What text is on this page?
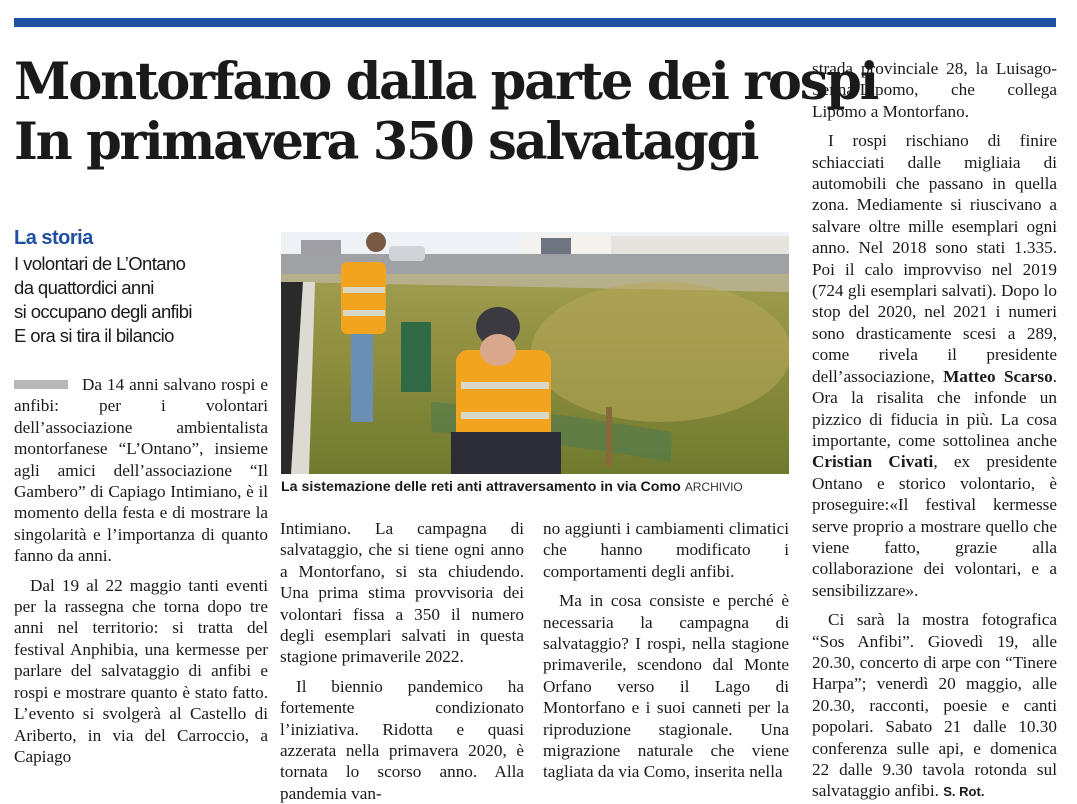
Montorfano dalla parte dei rospi
In primavera 350 salvataggi
La storia
I volontari de L’Ontano
da quattordici anni
si occupano degli anfibi
E ora si tira il bilancio

Da 14 anni salvano rospi e anfibi: per i volontari dell’associazione ambientalista montorfanese “L’Ontano”, insieme agli amici dell’associazione “Il Gambero” di Capiago Intimiano, è il momento della festa e di mostrare la singolarità e l’importanza di quanto fanno da anni.

Dal 19 al 22 maggio tanti eventi per la rassegna che torna dopo tre anni nel territorio: si tratta del festival Anphibia, una kermesse per parlare del salvataggio di anfibi e rospi e mostrare quanto è stato fatto. L’evento si svolgerà al Castello di Ariberto, in via del Carroccio, a Capiago

La sistemazione delle reti anti attraversamento in via Como ARCHIVIO

Intimiano. La campagna di salvataggio, che si tiene ogni anno a Montorfano, si sta chiudendo. Una prima stima provvisoria dei volontari fissa a 350 il numero degli esemplari salvati in questa stagione primaverile 2022.

Il biennio pandemico ha fortemente condizionato l’iniziativa. Ridotta e quasi azzerata nella primavera 2020, è tornata lo scorso anno. Alla pandemia van-

no aggiunti i cambiamenti climatici che hanno modificato i comportamenti degli anfibi.

Ma in cosa consiste e perché è necessaria la campagna di salvataggio? I rospi, nella stagione primaverile, scendono dal Monte Orfano verso il Lago di Montorfano e i suoi canneti per la riproduzione stagionale. Una migrazione naturale che viene tagliata da via Como, inserita nella

strada provinciale 28, la Luisago-Senna-Lipomo, che collega Lipomo a Montorfano.

I rospi rischiano di finire schiacciati dalle migliaia di automobili che passano in quella zona. Mediamente si riuscivano a salvare oltre mille esemplari ogni anno. Nel 2018 sono stati 1.335. Poi il calo improvviso nel 2019 (724 gli esemplari salvati). Dopo lo stop del 2020, nel 2021 i numeri sono drasticamente scesi a 289, come rivela il presidente dell’associazione, Matteo Scarso. Ora la risalita che infonde un pizzico di fiducia in più. La cosa importante, come sottolinea anche Cristian Civati, ex presidente Ontano e storico volontario, è proseguire:«Il festival kermesse serve proprio a mostrare quello che viene fatto, grazie alla collaborazione dei volontari, e a sensibilizzare».

Ci sarà la mostra fotografica “Sos Anfibi”. Giovedì 19, alle 20.30, concerto di arpe con “Tinere Harpa”; venerdì 20 maggio, alle 20.30, racconti, poesie e canti popolari. Sabato 21 dalle 10.30 conferenza sulle api, e domenica 22 dalle 9.30 tavola rotonda sul salvataggio anfibi. S. Rot.
